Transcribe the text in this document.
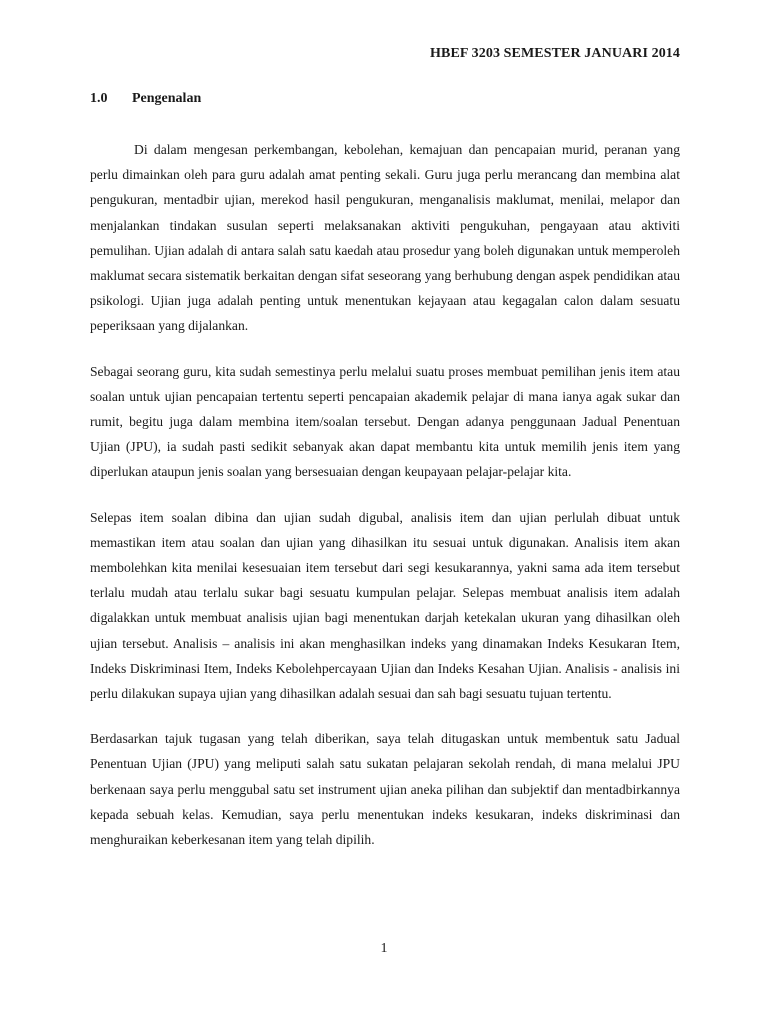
HBEF 3203 SEMESTER JANUARI 2014
1.0 Pengenalan

Di dalam mengesan perkembangan, kebolehan, kemajuan dan pencapaian murid, peranan yang perlu dimainkan oleh para guru adalah amat penting sekali. Guru juga perlu merancang dan membina alat pengukuran, mentadbir ujian, merekod hasil pengukuran, menganalisis maklumat, menilai, melapor dan menjalankan tindakan susulan seperti melaksanakan aktiviti pengukuhan, pengayaan atau aktiviti pemulihan. Ujian adalah di antara salah satu kaedah atau prosedur yang boleh digunakan untuk memperoleh maklumat secara sistematik berkaitan dengan sifat seseorang yang berhubung dengan aspek pendidikan atau psikologi. Ujian juga adalah penting untuk menentukan kejayaan atau kegagalan calon dalam sesuatu peperiksaan yang dijalankan.

Sebagai seorang guru, kita sudah semestinya perlu melalui suatu proses membuat pemilihan jenis item atau soalan untuk ujian pencapaian tertentu seperti pencapaian akademik pelajar di mana ianya agak sukar dan rumit, begitu juga dalam membina item/soalan tersebut. Dengan adanya penggunaan Jadual Penentuan Ujian (JPU), ia sudah pasti sedikit sebanyak akan dapat membantu kita untuk memilih jenis item yang diperlukan ataupun jenis soalan yang bersesuaian dengan keupayaan pelajar-pelajar kita.

Selepas item soalan dibina dan ujian sudah digubal, analisis item dan ujian perlulah dibuat untuk memastikan item atau soalan dan ujian yang dihasilkan itu sesuai untuk digunakan. Analisis item akan membolehkan kita menilai kesesuaian item tersebut dari segi kesukarannya, yakni sama ada item tersebut terlalu mudah atau terlalu sukar bagi sesuatu kumpulan pelajar. Selepas membuat analisis item adalah digalakkan untuk membuat analisis ujian bagi menentukan darjah ketekalan ukuran yang dihasilkan oleh ujian tersebut. Analisis – analisis ini akan menghasilkan indeks yang dinamakan Indeks Kesukaran Item, Indeks Diskriminasi Item, Indeks Kebolehpercayaan Ujian dan Indeks Kesahan Ujian. Analisis - analisis ini perlu dilakukan supaya ujian yang dihasilkan adalah sesuai dan sah bagi sesuatu tujuan tertentu.

Berdasarkan tajuk tugasan yang telah diberikan, saya telah ditugaskan untuk membentuk satu Jadual Penentuan Ujian (JPU) yang meliputi salah satu sukatan pelajaran sekolah rendah, di mana melalui JPU berkenaan saya perlu menggubal satu set instrument ujian aneka pilihan dan subjektif dan mentadbirkannya kepada sebuah kelas. Kemudian, saya perlu menentukan indeks kesukaran, indeks diskriminasi dan menghuraikan keberkesanan item yang telah dipilih.

1
